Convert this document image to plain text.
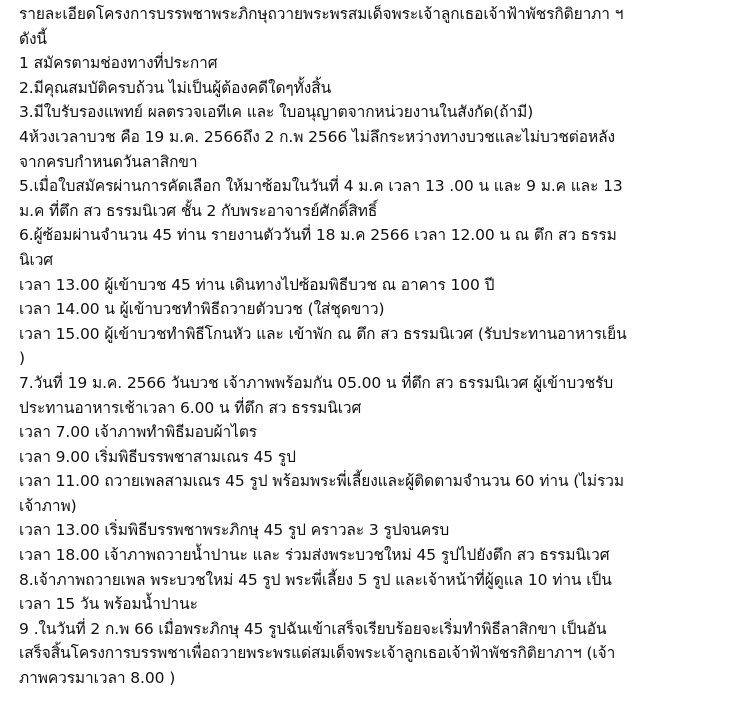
รายละเอียดโครงการบรรพชาพระภิกษุถวายพระพรสมเด็จพระเจ้าลูกเธอเจ้าฟ้าพัชรกิติยาภา ฯ
ดังนี้
1 สมัครตามช่องทางที่ประกาศ
2.มีคุณสมบัติครบถ้วน ไม่เป็นผู้ต้องคดีใดๆทั้งสิ้น
3.มีใบรับรองแพทย์ ผลตรวจเอทีเค และ ใบอนุญาตจากหน่วยงานในสังกัด(ถ้ามี)
4ห้วงเวลาบวช คือ 19 ม.ค. 2566ถึง 2 ก.พ 2566 ไม่ลึกระหว่างทางบวชและไม่บวชต่อหลัง
จากครบกำหนดวันลาสิกขา
5.เมื่อใบสมัครผ่านการคัดเลือก ให้มาซ้อมในวันที่ 4 ม.ค เวลา 13 .00 น และ 9 ม.ค และ 13
ม.ค ที่ตึก สว ธรรมนิเวศ ชั้น 2 กับพระอาจารย์ศักดิ์สิทธิ์
6.ผู้ซ้อมผ่านจำนวน 45 ท่าน รายงานตัววันที่ 18 ม.ค 2566 เวลา 12.00 น ณ ตึก สว ธรรม
นิเวศ
เวลา 13.00 ผู้เข้าบวช 45 ท่าน เดินทางไปซ้อมพิธีบวช ณ อาคาร 100 ปี
เวลา 14.00 น ผู้เข้าบวชทำพิธีถวายตัวบวช (ใส่ชุดขาว)
เวลา 15.00 ผู้เข้าบวชทำพิธีโกนหัว และ เข้าพัก ณ ตึก สว ธรรมนิเวศ (รับประทานอาหารเย็น
)
7.วันที่ 19 ม.ค. 2566 วันบวช เจ้าภาพพร้อมกัน 05.00 น ที่ตึก สว ธรรมนิเวศ ผู้เข้าบวชรับ
ประทานอาหารเช้าเวลา 6.00 น ที่ตึก สว ธรรมนิเวศ
เวลา 7.00 เจ้าภาพทำพิธีมอบผ้าไตร
เวลา 9.00 เริ่มพิธีบรรพชาสามเณร 45 รูป
เวลา 11.00 ถวายเพลสามเณร 45 รูป พร้อมพระพี่เลี้ยงและผู้ติดตามจำนวน 60 ท่าน (ไม่รวม
เจ้าภาพ)
เวลา 13.00 เริ่มพิธีบรรพชาพระภิกษุ 45 รูป คราวละ 3 รูปจนครบ
เวลา 18.00 เจ้าภาพถวายน้ำปานะ และ ร่วมส่งพระบวชใหม่ 45 รูปไปยังตึก สว ธรรมนิเวศ
8.เจ้าภาพถวายเพล พระบวชใหม่ 45 รูป พระพี่เลี้ยง 5 รูป และเจ้าหน้าที่ผู้ดูแล 10 ท่าน เป็น
เวลา 15 วัน พร้อมน้ำปานะ
9 .ในวันที่ 2 ก.พ 66 เมื่อพระภิกษุ 45 รูปฉันเข้าเสร็จเรียบร้อยจะเริ่มทำพิธีลาสิกขา เป็นอัน
เสร็จสิ้นโครงการบรรพชาเพื่อถวายพระพรแด่สมเด็จพระเจ้าลูกเธอเจ้าฟ้าพัชรกิติยาภาฯ (เจ้า
ภาพควรมาเวลา 8.00 )
